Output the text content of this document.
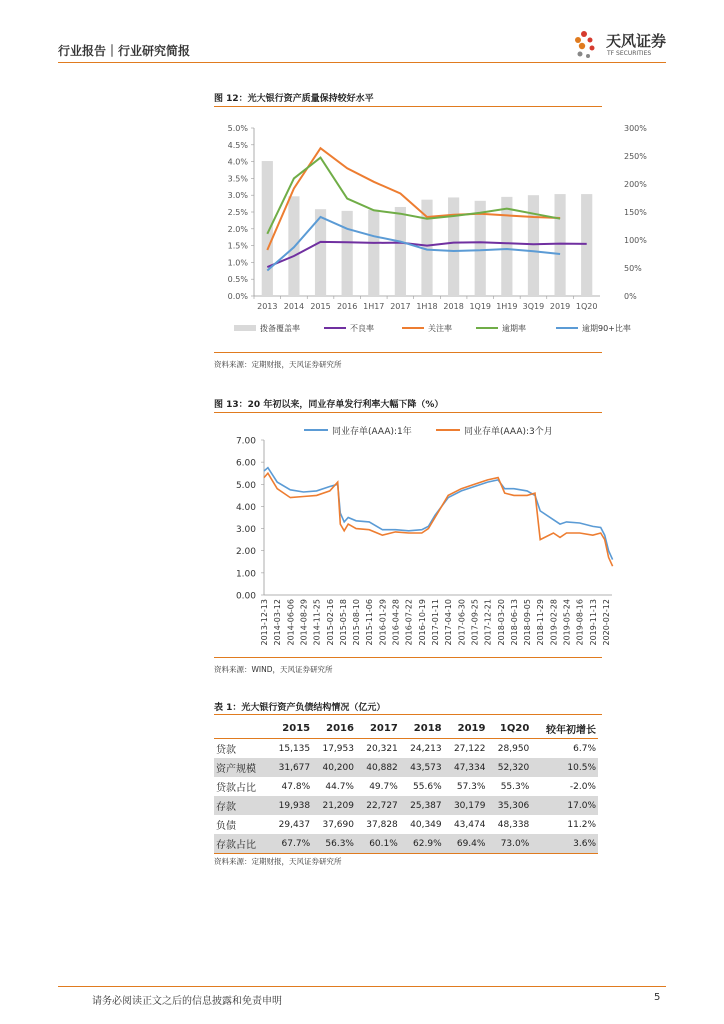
行业报告｜行业研究简报
天风证券
TF SECURITIES
图 12：光大银行资产质量保持较好水平
0.0%
0.5%
1.0%
1.5%
2.0%
2.5%
3.0%
3.5%
4.0%
4.5%
5.0%
0%
50%
100%
150%
200%
250%
300%
2013 2014 2015 2016 1H17 2017 1H18 2018 1Q19 1H19 3Q19 2019 1Q20
拨备覆盖率	不良率	关注率	逾期率	逾期90+比率
资料来源：定期财报，天风证券研究所
图 13：20 年初以来，同业存单发行利率大幅下降（%）
0.00
1.00
2.00
3.00
4.00
5.00
6.00
7.00
2013-12-13 2014-03-12 2014-06-06 2014-08-29 2014-11-25 2015-02-16 2015-05-18 2015-08-10 2015-11-06 2016-01-29 2016-04-28 2016-07-22 2016-10-19 2017-01-11 2017-04-10 2017-06-30 2017-09-25 2017-12-21 2018-03-20 2018-06-13 2018-09-05 2018-11-29 2019-02-28 2019-05-24 2019-08-16 2019-11-13 2020-02-12
同业存单(AAA):1年	同业存单(AAA):3个月
资料来源：WIND，天风证券研究所
表 1：光大银行资产负债结构情况（亿元）
	2015	2016	2017	2018	2019	1Q20	较年初增长
贷款	15,135	17,953	20,321	24,213	27,122	28,950	6.7%
资产规模	31,677	40,200	40,882	43,573	47,334	52,320	10.5%
贷款占比	47.8%	44.7%	49.7%	55.6%	57.3%	55.3%	-2.0%
存款	19,938	21,209	22,727	25,387	30,179	35,306	17.0%
负债	29,437	37,690	37,828	40,349	43,474	48,338	11.2%
存款占比	67.7%	56.3%	60.1%	62.9%	69.4%	73.0%	3.6%
资料来源：定期财报，天风证券研究所
请务必阅读正文之后的信息披露和免责申明	5
